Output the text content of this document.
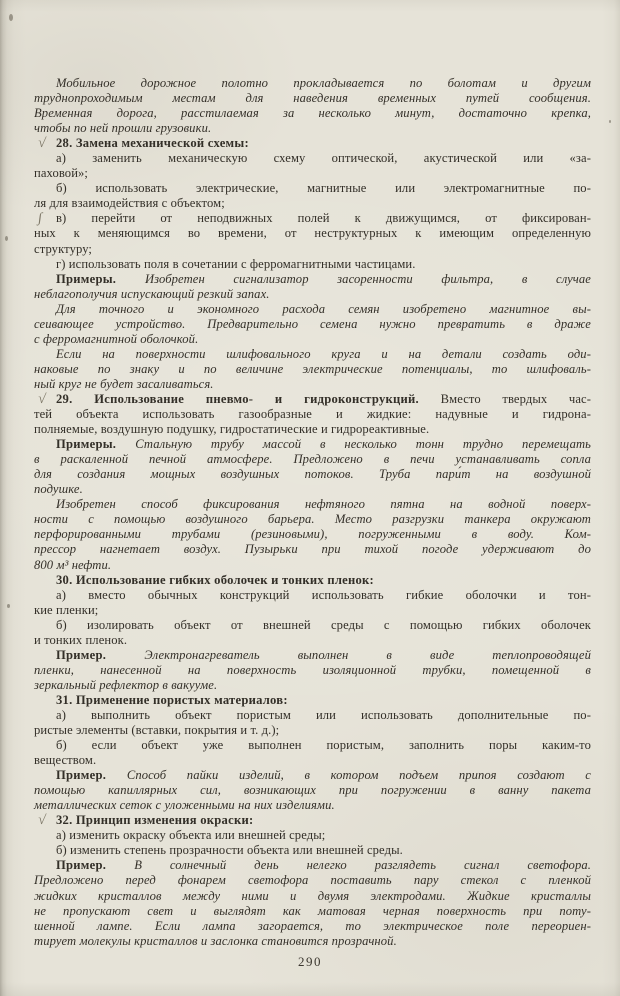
Мобильное дорожное полотно прокладывается по болотам и другим
труднопроходимым местам для наведения временных путей сообщения.
Временная дорога, расстилаемая за несколько минут, достаточно крепка,
чтобы по ней прошли грузовики.
√ 28. Замена механической схемы:
а) заменить механическую схему оптической, акустической или «за-
паховой»;
б) использовать электрические, магнитные или электромагнитные по-
ля для взаимодействия с объектом;
∫ в) перейти от неподвижных полей к движущимся, от фиксирован-
ных к меняющимся во времени, от неструктурных к имеющим определенную
структуру;
г) использовать поля в сочетании с ферромагнитными частицами.
Примеры. Изобретен сигнализатор засоренности фильтра, в случае
неблагополучия испускающий резкий запах.
Для точного и экономного расхода семян изобретено магнитное вы-
сеивающее устройство. Предварительно семена нужно превратить в драже
с ферромагнитной оболочкой.
Если на поверхности шлифовального круга и на детали создать оди-
наковые по знаку и по величине электрические потенциалы, то шлифоваль-
ный круг не будет засаливаться.
√ 29. Использование пневмо- и гидроконструкций. Вместо твердых час-
тей объекта использовать газообразные и жидкие: надувные и гидрона-
полняемые, воздушную подушку, гидростатические и гидрореактивные.
Примеры. Стальную трубу массой в несколько тонн трудно перемещать
в раскаленной печной атмосфере. Предложено в печи устанавливать сопла
для создания мощных воздушных потоков. Труба пари́т на воздушной
подушке.
Изобретен способ фиксирования нефтяного пятна на водной поверх-
ности с помощью воздушного барьера. Место разгрузки танкера окружают
перфорированными трубами (резиновыми), погруженными в воду. Ком-
прессор нагнетает воздух. Пузырьки при тихой погоде удерживают до
800 м³ нефти.
30. Использование гибких оболочек и тонких пленок:
а) вместо обычных конструкций использовать гибкие оболочки и тон-
кие пленки;
б) изолировать объект от внешней среды с помощью гибких оболочек
и тонких пленок.
Пример. Электронагреватель выполнен в виде теплопроводящей
пленки, нанесенной на поверхность изоляционной трубки, помещенной в
зеркальный рефлектор в вакууме.
31. Применение пористых материалов:
а) выполнить объект пористым или использовать дополнительные по-
ристые элементы (вставки, покрытия и т. д.);
б) если объект уже выполнен пористым, заполнить поры каким-то
веществом.
Пример. Способ пайки изделий, в котором подъем припоя создают с
помощью капиллярных сил, возникающих при погружении в ванну пакета
металлических сеток с уложенными на них изделиями.
√ 32. Принцип изменения окраски:
а) изменить окраску объекта или внешней среды;
б) изменить степень прозрачности объекта или внешней среды.
Пример. В солнечный день нелегко разглядеть сигнал светофора.
Предложено перед фонарем светофора поставить пару стекол с пленкой
жидких кристаллов между ними и двумя электродами. Жидкие кристаллы
не пропускают свет и выглядят как матовая черная поверхность при поту-
шенной лампе. Если лампа загорается, то электрическое поле переориен-
тирует молекулы кристаллов и заслонка становится прозрачной.
290
